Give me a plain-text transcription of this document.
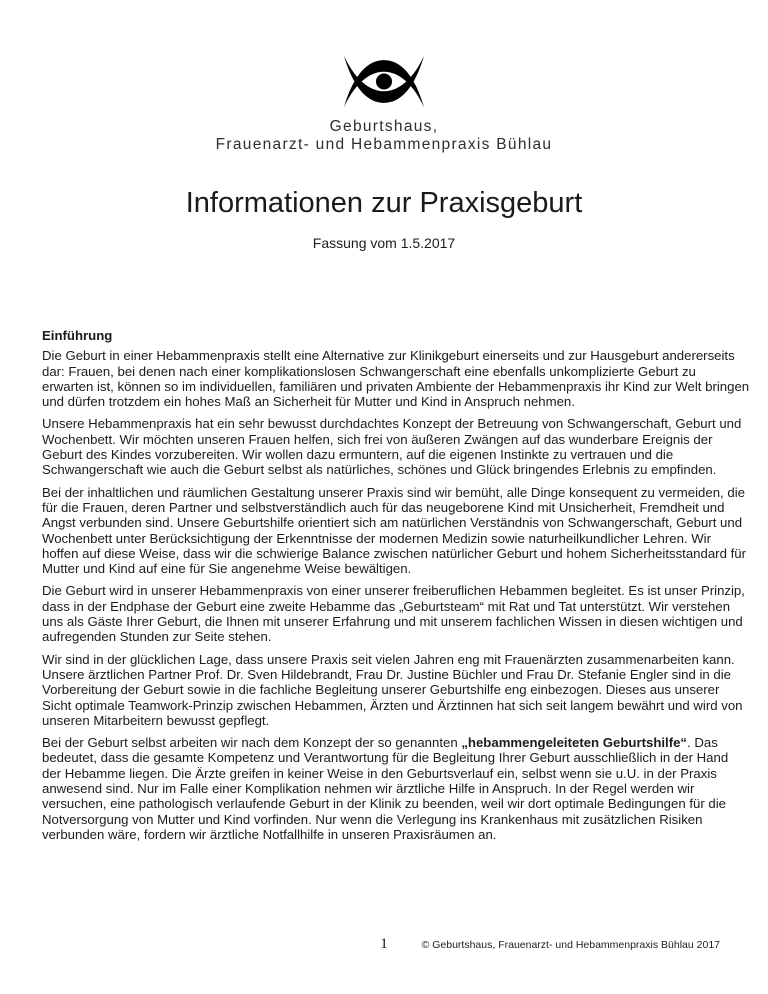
Geburtshaus,
Frauenarzt- und Hebammenpraxis Bühlau
Informationen zur Praxisgeburt
Fassung vom 1.5.2017
Einführung

Die Geburt in einer Hebammenpraxis stellt eine Alternative zur Klinikgeburt einerseits und zur Hausgeburt andererseits dar: Frauen, bei denen nach einer komplikationslosen Schwangerschaft eine ebenfalls unkomplizierte Geburt zu erwarten ist, können so im individuellen, familiären und privaten Ambiente der Hebammenpraxis ihr Kind zur Welt bringen und dürfen trotzdem ein hohes Maß an Sicherheit für Mutter und Kind in Anspruch nehmen.

Unsere Hebammenpraxis hat ein sehr bewusst durchdachtes Konzept der Betreuung von Schwangerschaft, Geburt und Wochenbett. Wir möchten unseren Frauen helfen, sich frei von äußeren Zwängen auf das wunderbare Ereignis der Geburt des Kindes vorzubereiten. Wir wollen dazu ermuntern, auf die eigenen Instinkte zu vertrauen und die Schwangerschaft wie auch die Geburt selbst als natürliches, schönes und Glück bringendes Erlebnis zu empfinden.

Bei der inhaltlichen und räumlichen Gestaltung unserer Praxis sind wir bemüht, alle Dinge konsequent zu vermeiden, die für die Frauen, deren Partner und selbstverständlich auch für das neugeborene Kind mit Unsicherheit, Fremdheit und Angst verbunden sind. Unsere Geburtshilfe orientiert sich am natürlichen Verständnis von Schwangerschaft, Geburt und Wochenbett unter Berücksichtigung der Erkenntnisse der modernen Medizin sowie naturheilkundlicher Lehren. Wir hoffen auf diese Weise, dass wir die schwierige Balance zwischen natürlicher Geburt und hohem Sicherheitsstandard für Mutter und Kind auf eine für Sie angenehme Weise bewältigen.

Die Geburt wird in unserer Hebammenpraxis von einer unserer freiberuflichen Hebammen begleitet. Es ist unser Prinzip, dass in der Endphase der Geburt eine zweite Hebamme das „Geburtsteam“ mit Rat und Tat unterstützt. Wir verstehen uns als Gäste Ihrer Geburt, die Ihnen mit unserer Erfahrung und mit unserem fachlichen Wissen in diesen wichtigen und aufregenden Stunden zur Seite stehen.

Wir sind in der glücklichen Lage, dass unsere Praxis seit vielen Jahren eng mit Frauenärzten zusammenarbeiten kann. Unsere ärztlichen Partner Prof. Dr. Sven Hildebrandt, Frau Dr. Justine Büchler und Frau Dr. Stefanie Engler sind in die Vorbereitung der Geburt sowie in die fachliche Begleitung unserer Geburtshilfe eng einbezogen. Dieses aus unserer Sicht optimale Teamwork-Prinzip zwischen Hebammen, Ärzten und Ärztinnen hat sich seit langem bewährt und wird von unseren Mitarbeitern bewusst gepflegt.

Bei der Geburt selbst arbeiten wir nach dem Konzept der so genannten „hebammengeleiteten Geburtshilfe“. Das bedeutet, dass die gesamte Kompetenz und Verantwortung für die Begleitung Ihrer Geburt ausschließlich in der Hand der Hebamme liegen. Die Ärzte greifen in keiner Weise in den Geburtsverlauf ein, selbst wenn sie u.U. in der Praxis anwesend sind. Nur im Falle einer Komplikation nehmen wir ärztliche Hilfe in Anspruch. In der Regel werden wir versuchen, eine pathologisch verlaufende Geburt in der Klinik zu beenden, weil wir dort optimale Bedingungen für die Notversorgung von Mutter und Kind vorfinden. Nur wenn die Verlegung ins Krankenhaus mit zusätzlichen Risiken verbunden wäre, fordern wir ärztliche Notfallhilfe in unseren Praxisräumen an.

1	© Geburtshaus, Frauenarzt- und Hebammenpraxis Bühlau 2017
